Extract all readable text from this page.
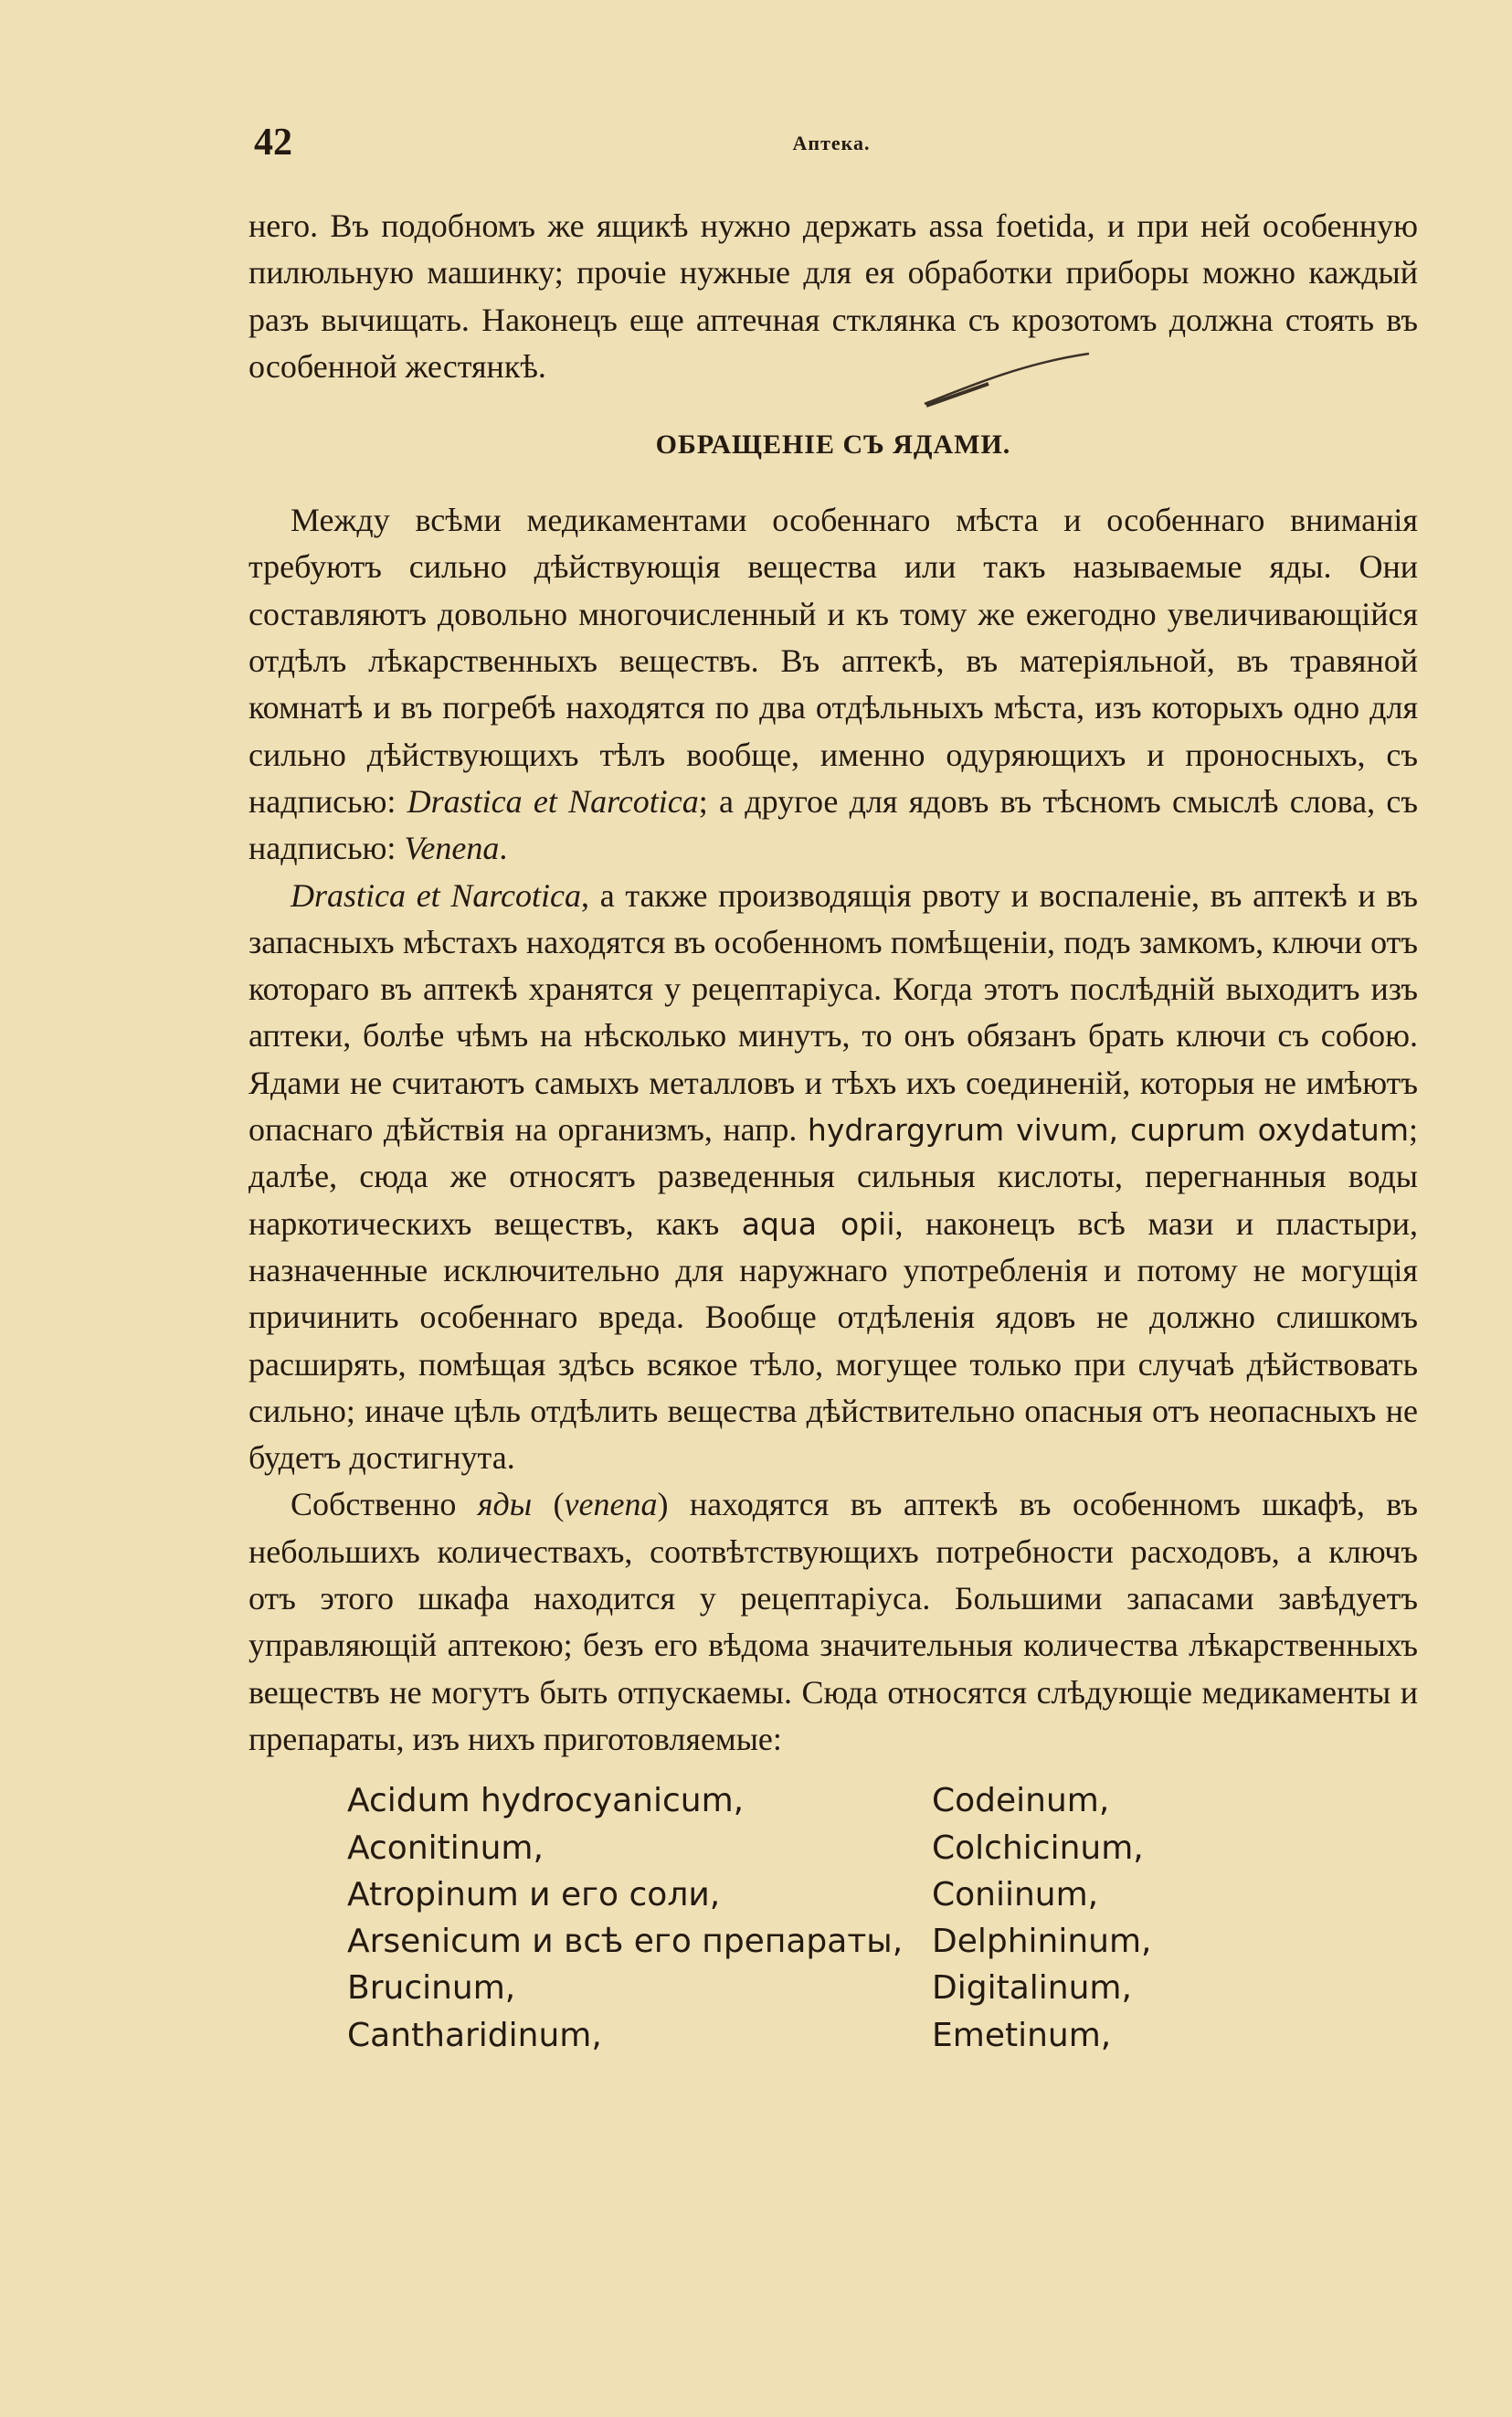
42	Аптека.

него. Въ подобномъ же ящикѣ нужно держать assa foetida, и при ней особенную пилюльную машинку; прочіе нужные для ея обработки приборы можно каждый разъ вычищать. Наконецъ еще аптечная стклянка съ крозотомъ должна стоять въ особенной жестянкѣ.

ОБРАЩЕНІЕ СЪ ЯДАМИ.

Между всѣми медикаментами особеннаго мѣста и особеннаго вниманія требуютъ сильно дѣйствующія вещества или такъ называемые яды. Они составляютъ довольно многочисленный и къ тому же ежегодно увеличивающійся отдѣлъ лѣкарственныхъ веществъ. Въ аптекѣ, въ матеріяльной, въ травяной комнатѣ и въ погребѣ находятся по два отдѣльныхъ мѣста, изъ которыхъ одно для сильно дѣйствующихъ тѣлъ вообще, именно одуряющихъ и проносныхъ, съ надписью: Drastica et Narcotica; а другое для ядовъ въ тѣсномъ смыслѣ слова, съ надписью: Venena.

Drastica et Narcotica, а также производящія рвоту и воспаленіе, въ аптекѣ и въ запасныхъ мѣстахъ находятся въ особенномъ помѣщеніи, подъ замкомъ, ключи отъ котораго въ аптекѣ хранятся у рецептаріуса. Когда этотъ послѣдній выходитъ изъ аптеки, болѣе чѣмъ на нѣсколько минутъ, то онъ обязанъ брать ключи съ собою. Ядами не считаютъ самыхъ металловъ и тѣхъ ихъ соединеній, которыя не имѣютъ опаснаго дѣйствія на организмъ, напр. hydrargyrum vivum, cuprum oxydatum; далѣе, сюда же относятъ разведенныя сильныя кислоты, перегнанныя воды наркотическихъ веществъ, какъ aqua opii, наконецъ всѣ мази и пластыри, назначенные исключительно для наружнаго употребленія и потому не могущія причинить особеннаго вреда. Вообще отдѣленія ядовъ не должно слишкомъ расширять, помѣщая здѣсь всякое тѣло, могущее только при случаѣ дѣйствовать сильно; иначе цѣль отдѣлить вещества дѣйствительно опасныя отъ неопасныхъ не будетъ достигнута.

Собственно яды (venena) находятся въ аптекѣ въ особенномъ шкафѣ, въ небольшихъ количествахъ, соотвѣтствующихъ потребности расходовъ, а ключъ отъ этого шкафа находится у рецептаріуса. Большими запасами завѣдуетъ управляющій аптекою; безъ его вѣдома значительныя количества лѣкарственныхъ веществъ не могутъ быть отпускаемы. Сюда относятся слѣдующіе медикаменты и препараты, изъ нихъ приготовляемые:

Acidum hydrocyanicum,	Codeinum,
Aconitinum,	Colchicinum,
Atropinum и его соли,	Coniinum,
Arsenicum и всѣ его препараты, Delphininum,
Brucinum,	Digitalinum,
Cantharidinum,	Emetinum,
